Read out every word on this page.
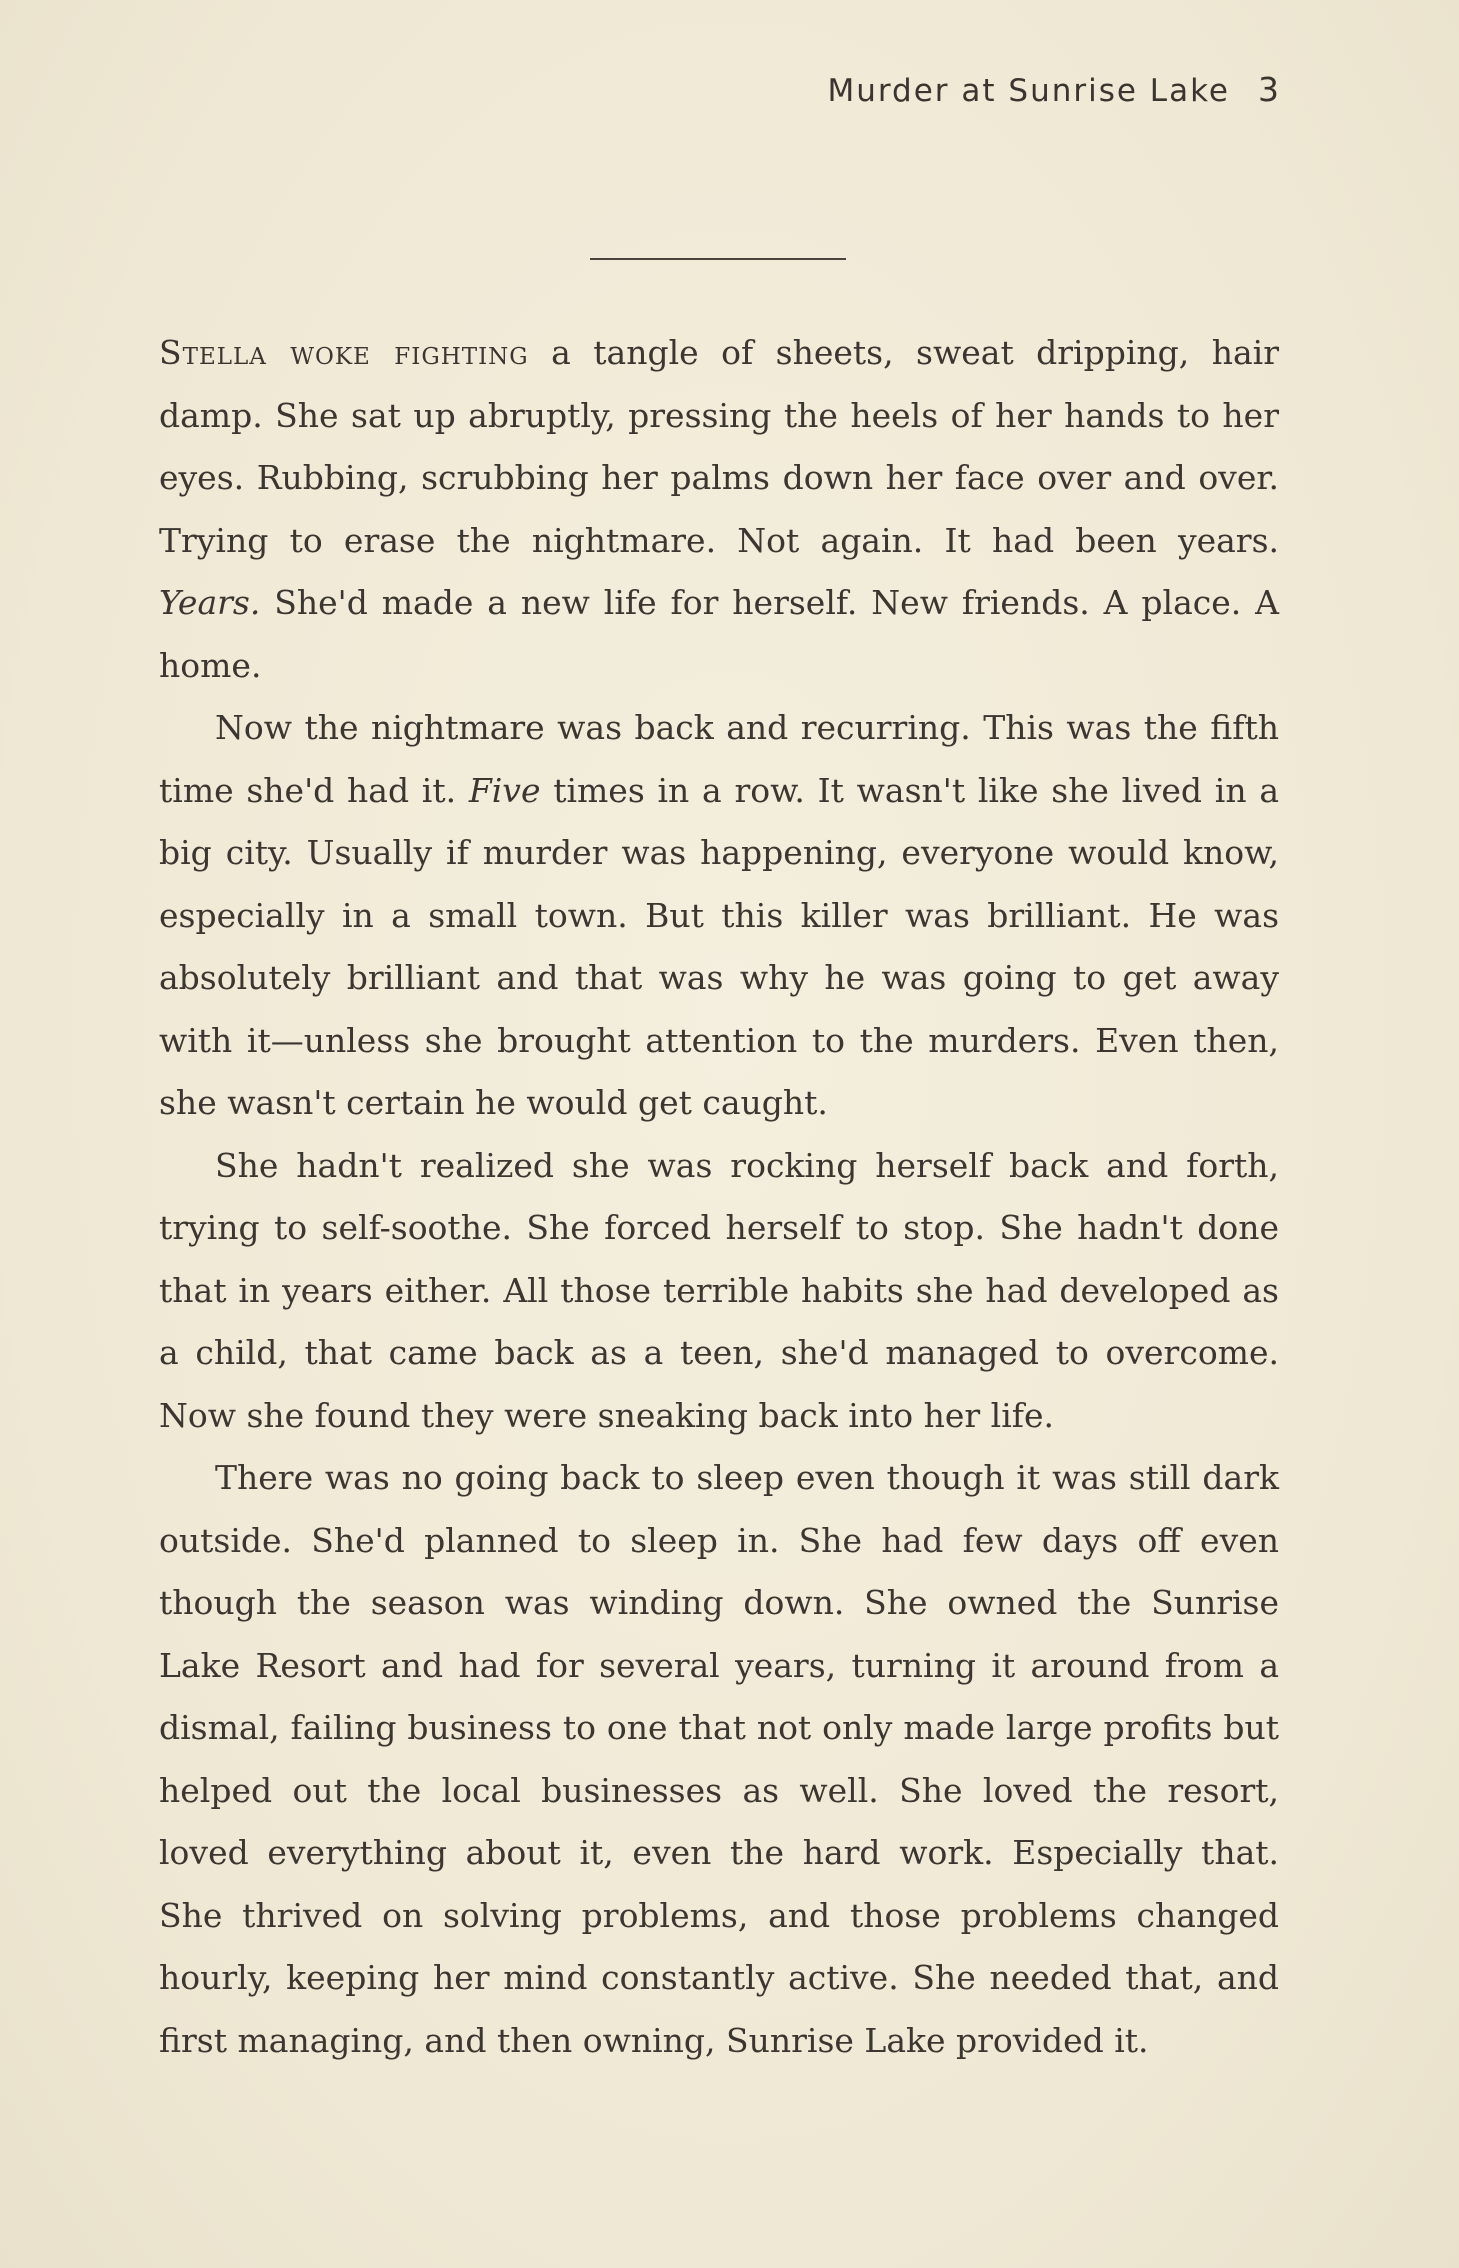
Murder at Sunrise Lake 3

Stella woke fighting a tangle of sheets, sweat dripping, hair damp. She sat up abruptly, pressing the heels of her hands to her eyes. Rubbing, scrubbing her palms down her face over and over. Trying to erase the nightmare. Not again. It had been years. Years. She'd made a new life for herself. New friends. A place. A home.

Now the nightmare was back and recurring. This was the fifth time she'd had it. Five times in a row. It wasn't like she lived in a big city. Usually if murder was happening, everyone would know, especially in a small town. But this killer was brilliant. He was absolutely brilliant and that was why he was going to get away with it—unless she brought attention to the murders. Even then, she wasn't certain he would get caught.

She hadn't realized she was rocking herself back and forth, trying to self-soothe. She forced herself to stop. She hadn't done that in years either. All those terrible habits she had developed as a child, that came back as a teen, she'd managed to overcome. Now she found they were sneaking back into her life.

There was no going back to sleep even though it was still dark outside. She'd planned to sleep in. She had few days off even though the season was winding down. She owned the Sunrise Lake Resort and had for several years, turning it around from a dismal, failing business to one that not only made large profits but helped out the local businesses as well. She loved the resort, loved everything about it, even the hard work. Especially that. She thrived on solving problems, and those problems changed hourly, keeping her mind constantly active. She needed that, and first managing, and then owning, Sunrise Lake provided it.
